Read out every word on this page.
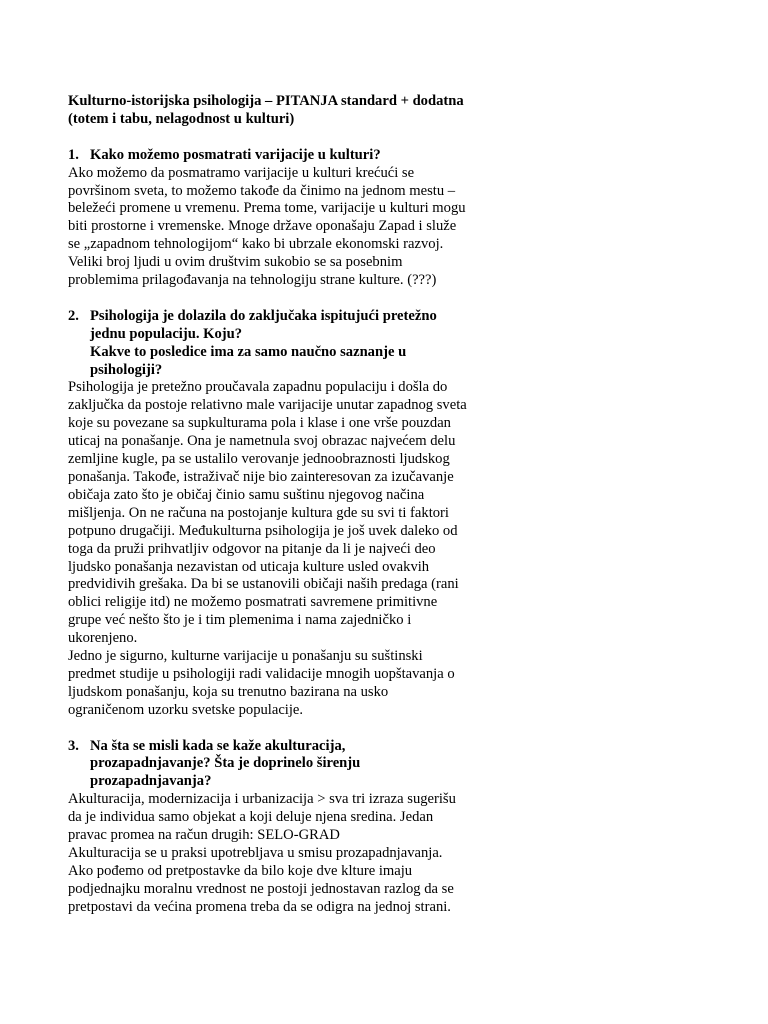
Kulturno-istorijska psihologija – PITANJA standard + dodatna
(totem i tabu, nelagodnost u kulturi)
1. Kako možemo posmatrati varijacije u kulturi?
Ako možemo da posmatramo varijacije u kulturi krećući se
površinom sveta, to možemo takođe da činimo na jednom mestu –
beležeći promene u vremenu. Prema tome, varijacije u kulturi mogu
biti prostorne i vremenske. Mnoge države oponašaju Zapad i služe
se „zapadnom tehnologijom“ kako bi ubrzale ekonomski razvoj.
Veliki broj ljudi u ovim društvim sukobio se sa posebnim
problemima prilagođavanja na tehnologiju strane kulture. (???)
2. Psihologija je dolazila do zaključaka ispitujući pretežno
jednu populaciju. Koju?
Kakve to posledice ima za samo naučno saznanje u
psihologiji?
Psihologija je pretežno proučavala zapadnu populaciju i došla do
zaključka da postoje relativno male varijacije unutar zapadnog sveta
koje su povezane sa supkulturama pola i klase i one vrše pouzdan
uticaj na ponašanje. Ona je nametnula svoj obrazac najvećem delu
zemljine kugle, pa se ustalilo verovanje jednoobraznosti ljudskog
ponašanja. Takođe, istraživač nije bio zainteresovan za izučavanje
običaja zato što je običaj činio samu suštinu njegovog načina
mišljenja. On ne računa na postojanje kultura gde su svi ti faktori
potpuno drugačiji. Međukulturna psihologija je još uvek daleko od
toga da pruži prihvatljiv odgovor na pitanje da li je najveći deo
ljudsko ponašanja nezavistan od uticaja kulture usled ovakvih
predvidivih grešaka. Da bi se ustanovili običaji naših predaga (rani
oblici religije itd) ne možemo posmatrati savremene primitivne
grupe već nešto što je i tim plemenima i nama zajedničko i
ukorenjeno.
Jedno je sigurno, kulturne varijacije u ponašanju su suštinski
predmet studije u psihologiji radi validacije mnogih uopštavanja o
ljudskom ponašanju, koja su trenutno bazirana na usko
ograničenom uzorku svetske populacije.
3. Na šta se misli kada se kaže akulturacija,
prozapadnjavanje? Šta je doprinelo širenju
prozapadnjavanja?
Akulturacija, modernizacija i urbanizacija > sva tri izraza sugerišu
da je individua samo objekat a koji deluje njena sredina. Jedan
pravac promea na račun drugih: SELO-GRAD
Akulturacija se u praksi upotrebljava u smisu prozapadnjavanja.
Ako pođemo od pretpostavke da bilo koje dve klture imaju
podjednajku moralnu vrednost ne postoji jednostavan razlog da se
pretpostavi da većina promena treba da se odigra na jednoj strani.
